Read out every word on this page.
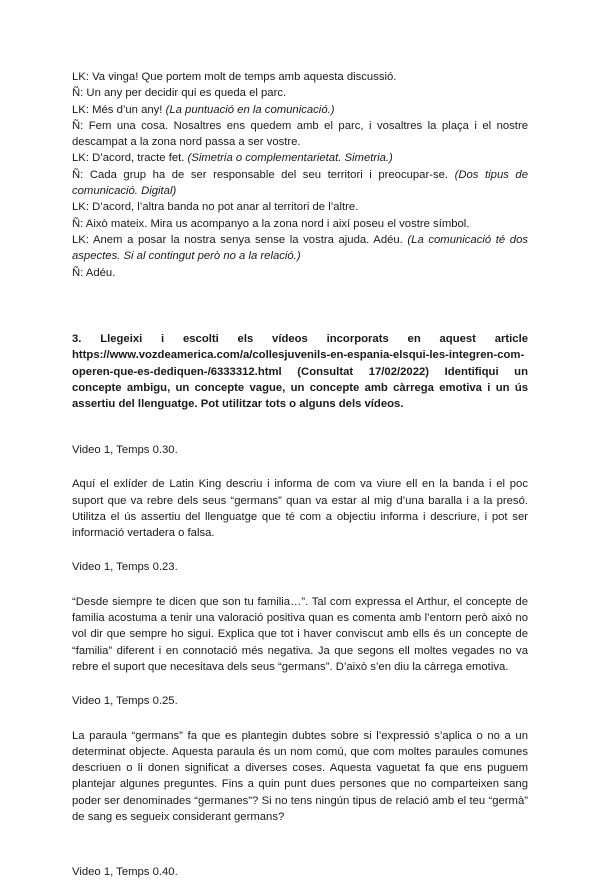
LK: Va vinga! Que portem molt de temps amb aquesta discussió.

Ñ: Un any per decidir qui es queda el parc.

LK: Més d’un any! (La puntuació en la comunicació.)

Ñ: Fem una cosa. Nosaltres ens quedem amb el parc, i vosaltres la plaça i el nostre descampat a la zona nord passa a ser vostre.

LK: D’acord, tracte fet. (Simetria o complementarietat. Simetria.)

Ñ: Cada grup ha de ser responsable del seu territori i preocupar-se. (Dos tipus de comunicació. Digital)

LK: D’acord, l’altra banda no pot anar al territori de l’altre.

Ñ: Això mateix. Mira us acompanyo a la zona nord i així poseu el vostre símbol.

LK: Anem a posar la nostra senya sense la vostra ajuda. Adéu. (La comunicació té dos aspectes. Si al contingut però no a la relació.)

Ñ: Adéu.

3. Llegeixi i escolti els vídeos incorporats en aquest article https://www.vozdeamerica.com/a/collesjuvenils-en-espania-elsqui-les-integren-com-operen-que-es-dediquen-/6333312.html (Consultat 17/02/2022) Identifiqui un concepte ambigu, un concepte vague, un concepte amb càrrega emotiva i un ús assertiu del llenguatge. Pot utilitzar tots o alguns dels vídeos.

Video 1, Temps 0.30.

Aquí el exlíder de Latin King descriu i informa de com va viure ell en la banda i el poc suport que va rebre dels seus “germans” quan va estar al mig d’una baralla i a la presó. Utilitza el ús assertiu del llenguatge que té com a objectiu informa i descriure, i pot ser informació vertadera o falsa.

Video 1, Temps 0.23.

“Desde siempre te dicen que son tu familia…”. Tal com expressa el Arthur, el concepte de familia acostuma a tenir una valoració positiva quan es comenta amb l’entorn però això no vol dir que sempre ho sigui. Explica que tot i haver conviscut amb ells és un concepte de “familia” diferent i en connotació més negativa. Ja que segons ell moltes vegades no va rebre el suport que necesitava dels seus “germans”. D’això s’en diu la càrrega emotiva.

Video 1, Temps 0.25.

La paraula “germans” fa que es plantegin dubtes sobre si l’expressió s’aplica o no a un determinat objecte. Aquesta paraula és un nom comú, que com moltes paraules comunes descriuen o li donen significat a diverses coses. Aquesta vaguetat fa que ens puguem plantejar algunes preguntes. Fins a quin punt dues persones que no comparteixen sang poder ser denominades “germanes”? Si no tens ningún tipus de relació amb el teu “germà” de sang es segueix considerant germans?

Video 1, Temps 0.40.
